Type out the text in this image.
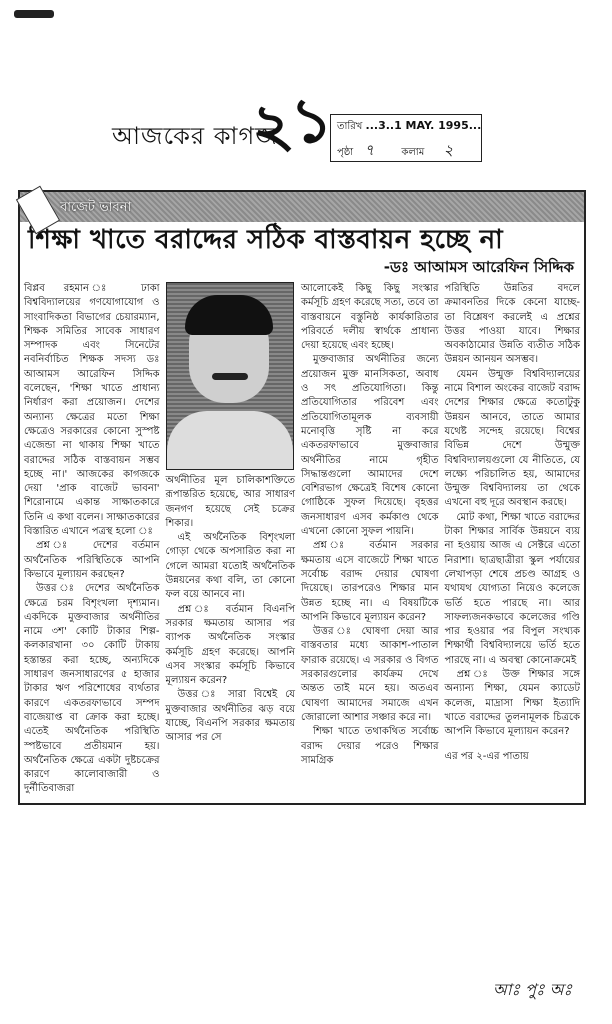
আজকের কাগজ
২১ তারিখ ...3..1 MAY. 1995...
পৃষ্ঠা ৭	কলাম ২
বাজেট ভাবনা
শিক্ষা খাতে বরাদ্দের সঠিক বাস্তবায়ন হচ্ছে না
-ডঃ আআমস আরেফিন সিদ্দিক

বিপ্লব রহমান ঃ ঢাকা বিশ্ববিদ্যালয়ের গণযোগাযোগ ও সাংবাদিকতা বিভাগের চেয়ারম্যান, শিক্ষক সমিতির সাবেক সাধারণ সম্পাদক এবং সিনেটের নবনির্বাচিত শিক্ষক সদস্য ডঃ আআমস আরেফিন সিদ্দিক বলেছেন, 'শিক্ষা খাতে প্রাধান্য নির্ধারণ করা প্রয়োজন। দেশের অন্যান্য ক্ষেত্রের মতো শিক্ষা ক্ষেত্রেও সরকারের কোনো সুস্পষ্ট এজেন্ডা না থাকায় শিক্ষা খাতে বরাদ্দের সঠিক বাস্তবায়ন সম্ভব হচ্ছে না।' আজকের কাগজকে দেয়া 'প্রাক বাজেট ভাবনা' শিরোনামে একান্ত সাক্ষাতকারে তিনি এ কথা বলেন। সাক্ষাতকারের বিস্তারিত এখানে পত্রস্থ হলো ঃ

প্রশ্ন ঃ দেশের বর্তমান অর্থনৈতিক পরিস্থিতিকে আপনি কিভাবে মূল্যায়ন করছেন?

উত্তর ঃ দেশের অর্থনৈতিক ক্ষেত্রে চরম বিশৃংখলা দৃশ্যমান। একদিকে মুক্তবাজার অর্থনীতির নামে ৩শ' কোটি টাকার শিল্প-কলকারখানা ৩০ কোটি টাকায় হস্তান্তর করা হচ্ছে, অন্যদিকে সাধারণ জনসাধারণের ৫ হাজার টাকার ঋণ পরিশোধের ব্যর্থতার কারণে একতরফাভাবে সম্পদ বাজেয়াপ্ত বা ক্রোক করা হচ্ছে। এতেই অর্থনৈতিক পরিস্থিতি স্পষ্টভাবে প্রতীয়মান হয়। অর্থনৈতিক ক্ষেত্রে একটা দুষ্টচক্রের কারণে কালোবাজারী ও দুর্নীতিবাজরা

অর্থনীতির মূল চালিকাশক্তিতে রূপান্তরিত হয়েছে, আর সাধারণ জনগণ হয়েছে সেই চক্রের শিকার।

এই অর্থনৈতিক বিশৃংখলা গোড়া থেকে অপসারিত করা না গেলে আমরা যতোই অর্থনৈতিক উন্নয়নের কথা বলি, তা কোনো ফল বয়ে আনবে না।

প্রশ্ন ঃ বর্তমান বিএনপি সরকার ক্ষমতায় আসার পর ব্যাপক অর্থনৈতিক সংস্কার কর্মসূচি গ্রহণ করেছে। আপনি এসব সংস্কার কর্মসূচি কিভাবে মূল্যায়ন করেন?

উত্তর ঃ সারা বিশ্বেই যে মুক্তবাজার অর্থনীতির ঝড় বয়ে যাচ্ছে, বিএনপি সরকার ক্ষমতায় আসার পর সে

আলোকেই কিছু কিছু সংস্কার কর্মসূচি গ্রহণ করেছে সত্য, তবে তা বাস্তবায়নে বস্তুনিষ্ঠ কার্যকারিতার পরিবর্তে দলীয় স্বার্থকে প্রাধান্য দেয়া হয়েছে এবং হচ্ছে।

মুক্তবাজার অর্থনীতির জন্যে প্রয়োজন মুক্ত মানসিকতা, অবাধ ও সৎ প্রতিযোগিতা। কিন্তু প্রতিযোগিতার পরিবেশ এবং প্রতিযোগিতামূলক ব্যবসায়ী মনোবৃত্তি সৃষ্টি না করে একতরফাভাবে মুক্তবাজার অর্থনীতির নামে গৃহীত সিদ্ধান্তগুলো আমাদের দেশে বেশিরভাগ ক্ষেত্রেই বিশেষ কোনো গোষ্ঠিকে সুফল দিয়েছে। বৃহত্তর জনসাধারণ এসব কর্মকাণ্ড থেকে এখনো কোনো সুফল পায়নি।

প্রশ্ন ঃ বর্তমান সরকার ক্ষমতায় এসে বাজেটে শিক্ষা খাতে সর্বোচ্চ বরাদ্দ দেয়ার ঘোষণা দিয়েছে। তারপরেও শিক্ষার মান উন্নত হচ্ছে না। এ বিষয়টিকে আপনি কিভাবে মূল্যায়ন করেন?

উত্তর ঃ ঘোষণা দেয়া আর বাস্তবতার মধ্যে আকাশ-পাতাল ফারাক রয়েছে। এ সরকার ও বিগত সরকারগুলোর কার্যক্রম দেখে অন্তত তাই মনে হয়। অতএব ঘোষণা আমাদের সমাজে এখন জোরালো আশার সঞ্চার করে না।

শিক্ষা খাতে তথাকথিত সর্বোচ্চ বরাদ্দ দেয়ার পরেও শিক্ষার সামগ্রিক

পরিস্থিতি উন্নতির বদলে ক্রমাবনতির দিকে কেনো যাচ্ছে- তা বিশ্লেষণ করলেই এ প্রশ্নের উত্তর পাওয়া যাবে। শিক্ষার অবকাঠামোর উন্নতি ব্যতীত সঠিক উন্নয়ন আনয়ন অসম্ভব।

যেমন উন্মুক্ত বিশ্ববিদ্যালয়ের নামে বিশাল অংকের বাজেট বরাদ্দ দেশের শিক্ষার ক্ষেত্রে কতোটুকু উন্নয়ন আনবে, তাতে আমার যথেষ্ট সন্দেহ রয়েছে। বিশ্বের বিভিন্ন দেশে উন্মুক্ত বিশ্ববিদ্যালয়গুলো যে নীতিতে, যে লক্ষ্যে পরিচালিত হয়, আমাদের উন্মুক্ত বিশ্ববিদ্যালয় তা থেকে এখনো বহু দূরে অবস্থান করছে।

মোট কথা, শিক্ষা খাতে বরাদ্দের টাকা শিক্ষার সার্বিক উন্নয়নে ব্যয় না হওয়ায় আজ এ সেক্টরে এতো নিরাশা। ছাত্রছাত্রীরা স্কুল পর্যায়ের লেখাপড়া শেষে প্রচণ্ড আগ্রহ ও যথাযথ যোগ্যতা নিয়েও কলেজে ভর্তি হতে পারছে না। আর সাফল্যজনকভাবে কলেজের গণ্ডি পার হওয়ার পর বিপুল সংখ্যক শিক্ষার্থী বিশ্ববিদ্যালয়ে ভর্তি হতে পারছে না। এ অবস্থা কোনোক্রমেই

প্রশ্ন ঃ উক্ত শিক্ষার সঙ্গে অন্যান্য শিক্ষা, যেমন ক্যাডেট কলেজ, মাদ্রাসা শিক্ষা ইত্যাদি খাতে বরাদ্দের তুলনামূলক চিত্রকে আপনি কিভাবে মূল্যায়ন করেন?

এর পর ২-এর পাতায়
আঃ পুঃ অঃ
